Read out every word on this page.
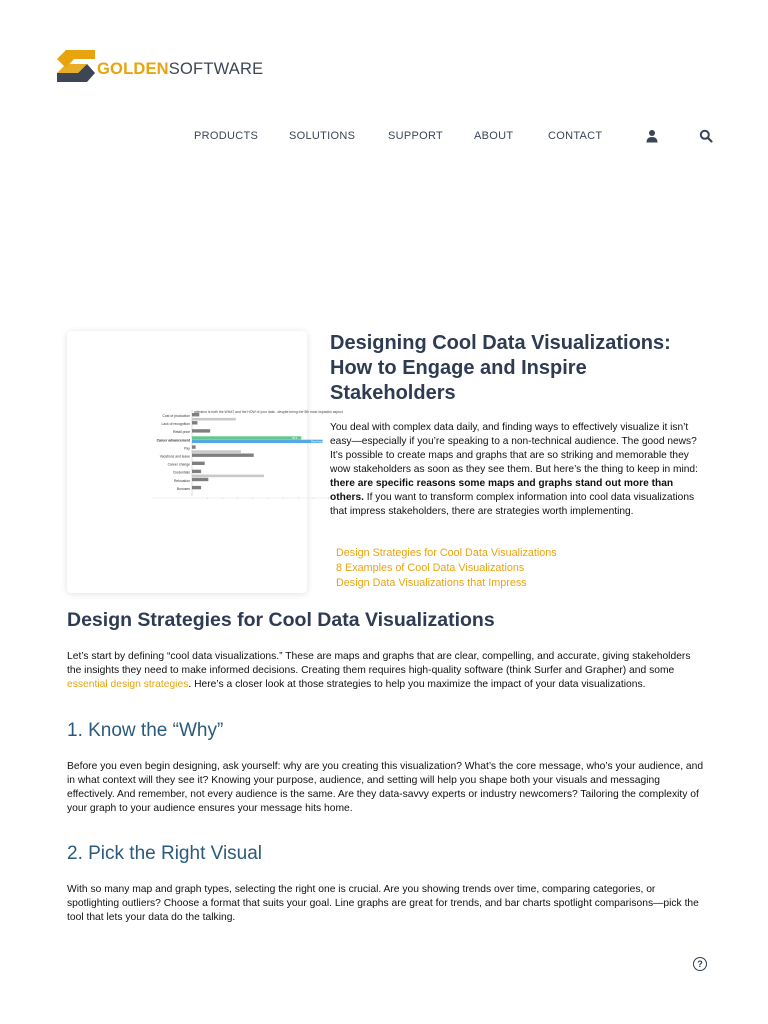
GOLDENSOFTWARE
PRODUCTS	SOLUTIONS	SUPPORT	ABOUT	CONTACT
Cost of production
Lack of recognition
Retail price
Career advancement	84.3
Real Impacts
Pay
Vacations and leave
Career change
Credentials
Relocation
Bonuses
attention is both the WHAT and the HOW of your data - despite being the 5th most impactful aspect
Designing Cool Data Visualizations: How to Engage and Inspire Stakeholders

You deal with complex data daily, and finding ways to effectively visualize it isn’t easy—especially if you’re speaking to a non-technical audience. The good news? It’s possible to create maps and graphs that are so striking and memorable they wow stakeholders as soon as they see them. But here’s the thing to keep in mind: there are specific reasons some maps and graphs stand out more than others. If you want to transform complex information into cool data visualizations that impress stakeholders, there are strategies worth implementing.

Design Strategies for Cool Data Visualizations
8 Examples of Cool Data Visualizations
Design Data Visualizations that Impress
Design Strategies for Cool Data Visualizations

Let’s start by defining “cool data visualizations.” These are maps and graphs that are clear, compelling, and accurate, giving stakeholders the insights they need to make informed decisions. Creating them requires high-quality software (think Surfer and Grapher) and some essential design strategies. Here’s a closer look at those strategies to help you maximize the impact of your data visualizations.

1. Know the “Why”

Before you even begin designing, ask yourself: why are you creating this visualization? What’s the core message, who’s your audience, and in what context will they see it? Knowing your purpose, audience, and setting will help you shape both your visuals and messaging effectively. And remember, not every audience is the same. Are they data-savvy experts or industry newcomers? Tailoring the complexity of your graph to your audience ensures your message hits home.

2. Pick the Right Visual

With so many map and graph types, selecting the right one is crucial. Are you showing trends over time, comparing categories, or spotlighting outliers? Choose a format that suits your goal. Line graphs are great for trends, and bar charts spotlight comparisons—pick the tool that lets your data do the talking.

?
